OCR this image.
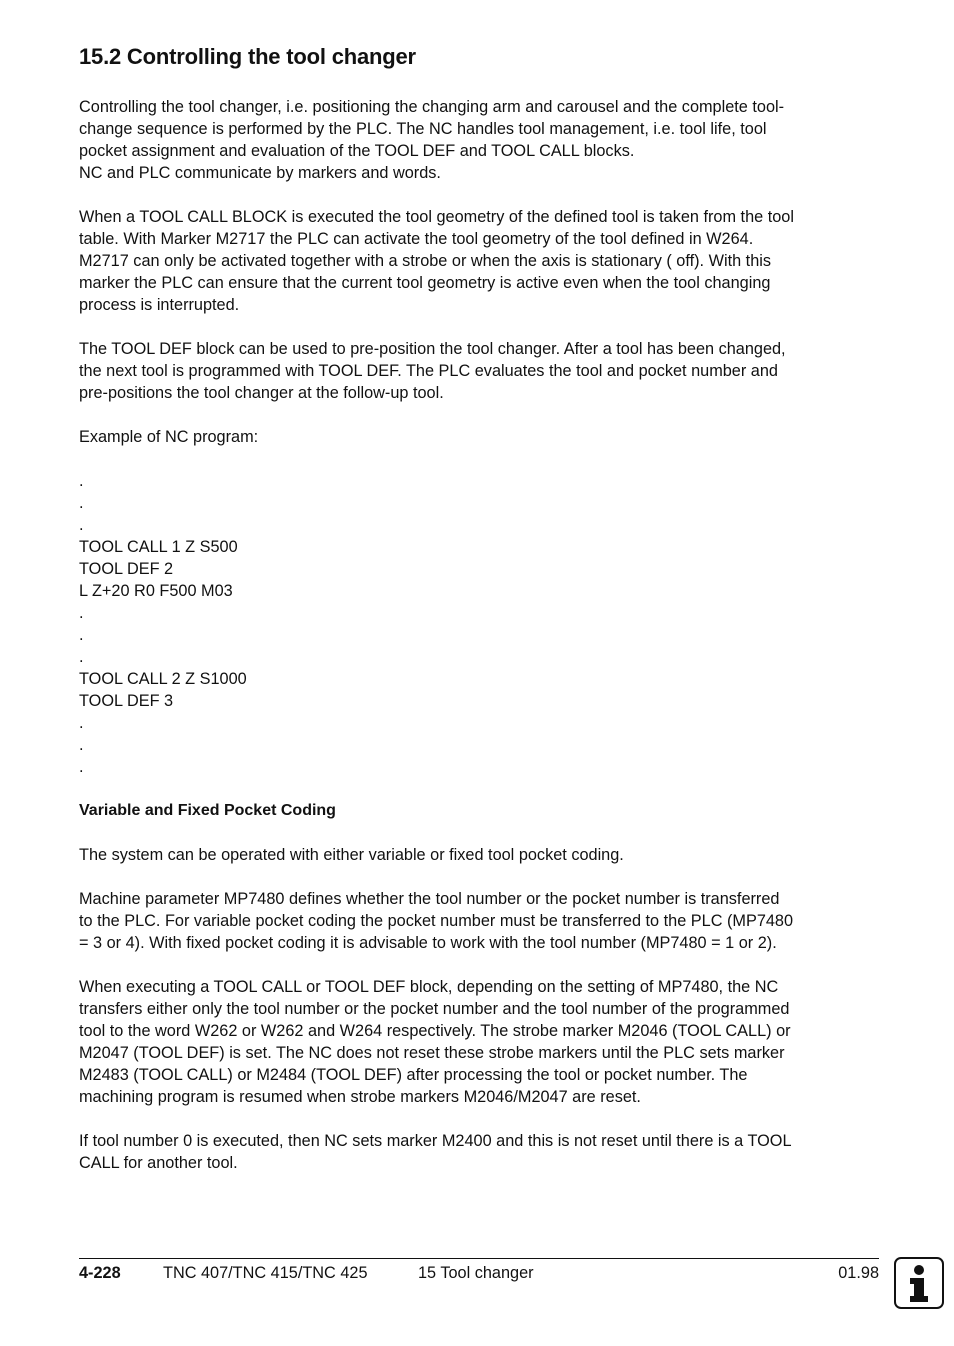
15.2 Controlling the tool changer

Controlling the tool changer, i.e. positioning the changing arm and carousel and the complete tool-
change sequence is performed by the PLC. The NC handles tool management, i.e. tool life, tool
pocket assignment and evaluation of the TOOL DEF and TOOL CALL blocks.
NC and PLC communicate by markers and words.

When a TOOL CALL BLOCK is executed the tool geometry of the defined tool is taken from the tool
table. With Marker M2717 the PLC can activate the tool geometry of the tool defined in W264.
M2717 can only be activated together with a strobe or when the axis is stationary ( off). With this
marker the PLC can ensure that the current tool geometry is active even when the tool changing
process is interrupted.

The TOOL DEF block can be used to pre-position the tool changer. After a tool has been changed,
the next tool is programmed with TOOL DEF. The PLC evaluates the tool and pocket number and
pre-positions the tool changer at the follow-up tool.

Example of NC program:

.
.
.
TOOL CALL 1 Z S500
TOOL DEF 2
L Z+20 R0 F500 M03
.
.
.
TOOL CALL 2 Z S1000
TOOL DEF 3
.
.
.
Variable and Fixed Pocket Coding

The system can be operated with either variable or fixed tool pocket coding.

Machine parameter MP7480 defines whether the tool number or the pocket number is transferred
to the PLC. For variable pocket coding the pocket number must be transferred to the PLC (MP7480
= 3 or 4). With fixed pocket coding it is advisable to work with the tool number (MP7480 = 1 or 2).

When executing a TOOL CALL or TOOL DEF block, depending on the setting of MP7480, the NC
transfers either only the tool number or the pocket number and the tool number of the programmed
tool to the word W262 or W262 and W264 respectively. The strobe marker M2046 (TOOL CALL) or
M2047 (TOOL DEF) is set. The NC does not reset these strobe markers until the PLC sets marker
M2483 (TOOL CALL) or M2484 (TOOL DEF) after processing the tool or pocket number. The
machining program is resumed when strobe markers M2046/M2047 are reset.

If tool number 0 is executed, then NC sets marker M2400 and this is not reset until there is a TOOL
CALL for another tool.

4-228	TNC 407/TNC 415/TNC 425	15 Tool changer	01.98
